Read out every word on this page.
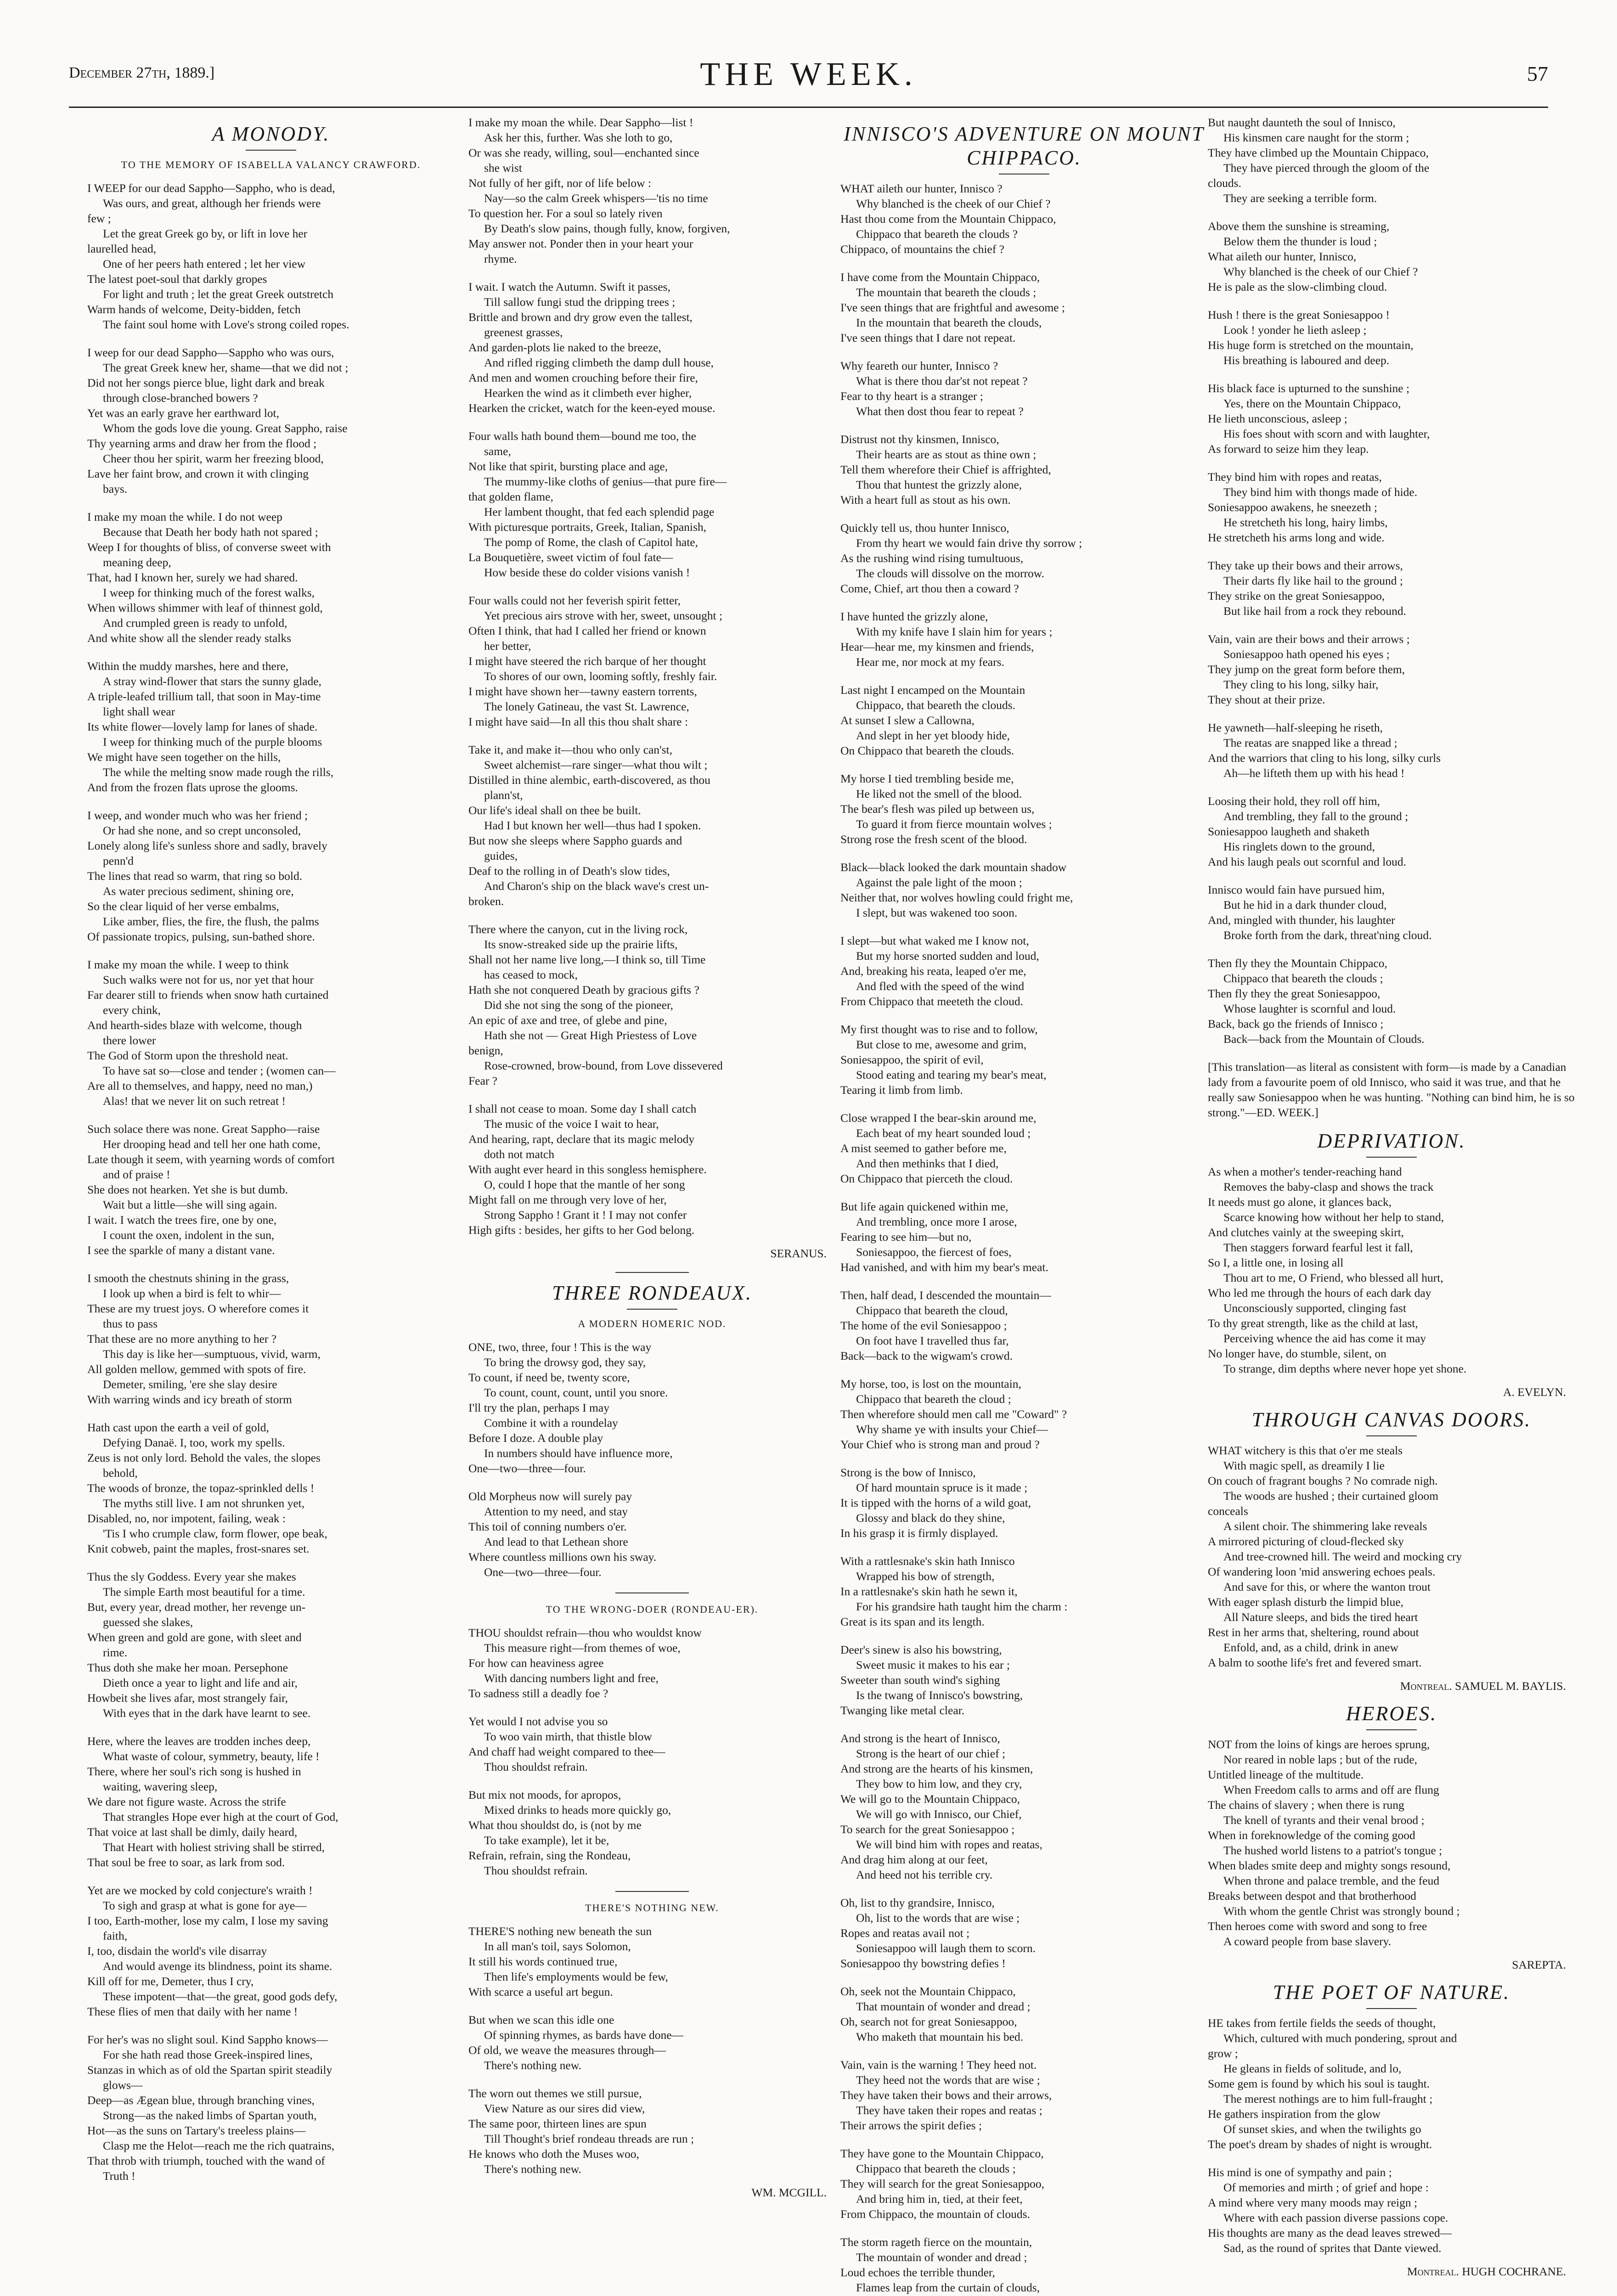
December 27th, 1889.]	THE WEEK.	57
A MONODY.
TO THE MEMORY OF ISABELLA VALANCY CRAWFORD.
I WEEP for our dead Sappho—Sappho, who is dead,
Was ours, and great, although her friends were
few ;
Let the great Greek go by, or lift in love her
laurelled head,
One of her peers hath entered ; let her view
The latest poet-soul that darkly gropes
For light and truth ; let the great Greek outstretch
Warm hands of welcome, Deity-bidden, fetch
The faint soul home with Love's strong coiled ropes.
I weep for our dead Sappho—Sappho who was ours,
The great Greek knew her, shame—that we did not ;
Did not her songs pierce blue, light dark and break
through close-branched bowers ?
Yet was an early grave her earthward lot,
Whom the gods love die young. Great Sappho, raise
Thy yearning arms and draw her from the flood ;
Cheer thou her spirit, warm her freezing blood,
Lave her faint brow, and crown it with clinging
bays.
I make my moan the while. I do not weep
Because that Death her body hath not spared ;
Weep I for thoughts of bliss, of converse sweet with
meaning deep,
That, had I known her, surely we had shared.
I weep for thinking much of the forest walks,
When willows shimmer with leaf of thinnest gold,
And crumpled green is ready to unfold,
And white show all the slender ready stalks
Within the muddy marshes, here and there,
A stray wind-flower that stars the sunny glade,
A triple-leafed trillium tall, that soon in May-time
light shall wear
Its white flower—lovely lamp for lanes of shade.
I weep for thinking much of the purple blooms
We might have seen together on the hills,
The while the melting snow made rough the rills,
And from the frozen flats uprose the glooms.
I weep, and wonder much who was her friend ;
Or had she none, and so crept unconsoled,
Lonely along life's sunless shore and sadly, bravely
penn'd
The lines that read so warm, that ring so bold.
As water precious sediment, shining ore,
So the clear liquid of her verse embalms,
Like amber, flies, the fire, the flush, the palms
Of passionate tropics, pulsing, sun-bathed shore.
I make my moan the while. I weep to think
Such walks were not for us, nor yet that hour
Far dearer still to friends when snow hath curtained
every chink,
And hearth-sides blaze with welcome, though
there lower
The God of Storm upon the threshold neat.
To have sat so—close and tender ; (women can—
Are all to themselves, and happy, need no man,)
Alas! that we never lit on such retreat !
Such solace there was none. Great Sappho—raise
Her drooping head and tell her one hath come,
Late though it seem, with yearning words of comfort
and of praise !
She does not hearken. Yet she is but dumb.
Wait but a little—she will sing again.
I wait. I watch the trees fire, one by one,
I count the oxen, indolent in the sun,
I see the sparkle of many a distant vane.
I smooth the chestnuts shining in the grass,
I look up when a bird is felt to whir—
These are my truest joys. O wherefore comes it
thus to pass
That these are no more anything to her ?
This day is like her—sumptuous, vivid, warm,
All golden mellow, gemmed with spots of fire.
Demeter, smiling, 'ere she slay desire
With warring winds and icy breath of storm
Hath cast upon the earth a veil of gold,
Defying Danaë. I, too, work my spells.
Zeus is not only lord. Behold the vales, the slopes
behold,
The woods of bronze, the topaz-sprinkled dells !
The myths still live. I am not shrunken yet,
Disabled, no, nor impotent, failing, weak :
'Tis I who crumple claw, form flower, ope beak,
Knit cobweb, paint the maples, frost-snares set.
Thus the sly Goddess. Every year she makes
The simple Earth most beautiful for a time.
But, every year, dread mother, her revenge un-
guessed she slakes,
When green and gold are gone, with sleet and
rime.
Thus doth she make her moan. Persephone
Dieth once a year to light and life and air,
Howbeit she lives afar, most strangely fair,
With eyes that in the dark have learnt to see.
Here, where the leaves are trodden inches deep,
What waste of colour, symmetry, beauty, life !
There, where her soul's rich song is hushed in
waiting, wavering sleep,
We dare not figure waste. Across the strife
That strangles Hope ever high at the court of God,
That voice at last shall be dimly, daily heard,
That Heart with holiest striving shall be stirred,
That soul be free to soar, as lark from sod.
Yet are we mocked by cold conjecture's wraith !
To sigh and grasp at what is gone for aye—
I too, Earth-mother, lose my calm, I lose my saving
faith,
I, too, disdain the world's vile disarray
And would avenge its blindness, point its shame.
Kill off for me, Demeter, thus I cry,
These impotent—that—the great, good gods defy,
These flies of men that daily with her name !
For her's was no slight soul. Kind Sappho knows—
For she hath read those Greek-inspired lines,
Stanzas in which as of old the Spartan spirit steadily
glows—
Deep—as Ægean blue, through branching vines,
Strong—as the naked limbs of Spartan youth,
Hot—as the suns on Tartary's treeless plains—
Clasp me the Helot—reach me the rich quatrains,
That throb with triumph, touched with the wand of
Truth !
I make my moan the while. Dear Sappho—list !
Ask her this, further. Was she loth to go,
Or was she ready, willing, soul—enchanted since
she wist
Not fully of her gift, nor of life below :
Nay—so the calm Greek whispers—'tis no time
To question her. For a soul so lately riven
By Death's slow pains, though fully, know, forgiven,
May answer not. Ponder then in your heart your
rhyme.
I wait. I watch the Autumn. Swift it passes,
Till sallow fungi stud the dripping trees ;
Brittle and brown and dry grow even the tallest,
greenest grasses,
And garden-plots lie naked to the breeze,
And rifled rigging climbeth the damp dull house,
And men and women crouching before their fire,
Hearken the wind as it climbeth ever higher,
Hearken the cricket, watch for the keen-eyed mouse.
Four walls hath bound them—bound me too, the
same,
Not like that spirit, bursting place and age,
The mummy-like cloths of genius—that pure fire—
that golden flame,
Her lambent thought, that fed each splendid page
With picturesque portraits, Greek, Italian, Spanish,
The pomp of Rome, the clash of Capitol hate,
La Bouquetière, sweet victim of foul fate—
How beside these do colder visions vanish !
Four walls could not her feverish spirit fetter,
Yet precious airs strove with her, sweet, unsought ;
Often I think, that had I called her friend or known
her better,
I might have steered the rich barque of her thought
To shores of our own, looming softly, freshly fair.
I might have shown her—tawny eastern torrents,
The lonely Gatineau, the vast St. Lawrence,
I might have said—In all this thou shalt share :
Take it, and make it—thou who only can'st,
Sweet alchemist—rare singer—what thou wilt ;
Distilled in thine alembic, earth-discovered, as thou
plann'st,
Our life's ideal shall on thee be built.
Had I but known her well—thus had I spoken.
But now she sleeps where Sappho guards and
guides,
Deaf to the rolling in of Death's slow tides,
And Charon's ship on the black wave's crest un-
broken.
There where the canyon, cut in the living rock,
Its snow-streaked side up the prairie lifts,
Shall not her name live long,—I think so, till Time
has ceased to mock,
Hath she not conquered Death by gracious gifts ?
Did she not sing the song of the pioneer,
An epic of axe and tree, of glebe and pine,
Hath she not — Great High Priestess of Love
benign,
Rose-crowned, brow-bound, from Love dissevered
Fear ?
I shall not cease to moan. Some day I shall catch
The music of the voice I wait to hear,
And hearing, rapt, declare that its magic melody
doth not match
With aught ever heard in this songless hemisphere.
O, could I hope that the mantle of her song
Might fall on me through very love of her,
Strong Sappho ! Grant it ! I may not confer
High gifts : besides, her gifts to her God belong.
SERANUS.
THREE RONDEAUX.
A MODERN HOMERIC NOD.
ONE, two, three, four ! This is the way
To bring the drowsy god, they say,
To count, if need be, twenty score,
To count, count, count, until you snore.
I'll try the plan, perhaps I may
Combine it with a roundelay
Before I doze. A double play
In numbers should have influence more,
One—two—three—four.
Old Morpheus now will surely pay
Attention to my need, and stay
This toil of conning numbers o'er.
And lead to that Lethean shore
Where countless millions own his sway.
One—two—three—four.
TO THE WRONG-DOER (RONDEAU-ER).
THOU shouldst refrain—thou who wouldst know
This measure right—from themes of woe,
For how can heaviness agree
With dancing numbers light and free,
To sadness still a deadly foe ?
Yet would I not advise you so
To woo vain mirth, that thistle blow
And chaff had weight compared to thee—
Thou shouldst refrain.
But mix not moods, for apropos,
Mixed drinks to heads more quickly go,
What thou shouldst do, is (not by me
To take example), let it be,
Refrain, refrain, sing the Rondeau,
Thou shouldst refrain.
THERE'S NOTHING NEW.
THERE'S nothing new beneath the sun
In all man's toil, says Solomon,
It still his words continued true,
Then life's employments would be few,
With scarce a useful art begun.
But when we scan this idle one
Of spinning rhymes, as bards have done—
Of old, we weave the measures through—
There's nothing new.
The worn out themes we still pursue,
View Nature as our sires did view,
The same poor, thirteen lines are spun
Till Thought's brief rondeau threads are run ;
He knows who doth the Muses woo,
There's nothing new.
WM. MCGILL.
INNISCO'S ADVENTURE ON MOUNT CHIPPACO.
WHAT aileth our hunter, Innisco ?
Why blanched is the cheek of our Chief ?
Hast thou come from the Mountain Chippaco,
Chippaco that beareth the clouds ?
Chippaco, of mountains the chief ?
I have come from the Mountain Chippaco,
The mountain that beareth the clouds ;
I've seen things that are frightful and awesome ;
In the mountain that beareth the clouds,
I've seen things that I dare not repeat.
Why feareth our hunter, Innisco ?
What is there thou dar'st not repeat ?
Fear to thy heart is a stranger ;
What then dost thou fear to repeat ?
Distrust not thy kinsmen, Innisco,
Their hearts are as stout as thine own ;
Tell them wherefore their Chief is affrighted,
Thou that huntest the grizzly alone,
With a heart full as stout as his own.
Quickly tell us, thou hunter Innisco,
From thy heart we would fain drive thy sorrow ;
As the rushing wind rising tumultuous,
The clouds will dissolve on the morrow.
Come, Chief, art thou then a coward ?
I have hunted the grizzly alone,
With my knife have I slain him for years ;
Hear—hear me, my kinsmen and friends,
Hear me, nor mock at my fears.
Last night I encamped on the Mountain
Chippaco, that beareth the clouds.
At sunset I slew a Callowna,
And slept in her yet bloody hide,
On Chippaco that beareth the clouds.
My horse I tied trembling beside me,
He liked not the smell of the blood.
The bear's flesh was piled up between us,
To guard it from fierce mountain wolves ;
Strong rose the fresh scent of the blood.
Black—black looked the dark mountain shadow
Against the pale light of the moon ;
Neither that, nor wolves howling could fright me,
I slept, but was wakened too soon.
I slept—but what waked me I know not,
But my horse snorted sudden and loud,
And, breaking his reata, leaped o'er me,
And fled with the speed of the wind
From Chippaco that meeteth the cloud.
My first thought was to rise and to follow,
But close to me, awesome and grim,
Soniesappoo, the spirit of evil,
Stood eating and tearing my bear's meat,
Tearing it limb from limb.
Close wrapped I the bear-skin around me,
Each beat of my heart sounded loud ;
A mist seemed to gather before me,
And then methinks that I died,
On Chippaco that pierceth the cloud.
But life again quickened within me,
And trembling, once more I arose,
Fearing to see him—but no,
Soniesappoo, the fiercest of foes,
Had vanished, and with him my bear's meat.
Then, half dead, I descended the mountain—
Chippaco that beareth the cloud,
The home of the evil Soniesappoo ;
On foot have I travelled thus far,
Back—back to the wigwam's crowd.
My horse, too, is lost on the mountain,
Chippaco that beareth the cloud ;
Then wherefore should men call me "Coward" ?
Why shame ye with insults your Chief—
Your Chief who is strong man and proud ?
Strong is the bow of Innisco,
Of hard mountain spruce is it made ;
It is tipped with the horns of a wild goat,
Glossy and black do they shine,
In his grasp it is firmly displayed.
With a rattlesnake's skin hath Innisco
Wrapped his bow of strength,
In a rattlesnake's skin hath he sewn it,
For his grandsire hath taught him the charm :
Great is its span and its length.
Deer's sinew is also his bowstring,
Sweet music it makes to his ear ;
Sweeter than south wind's sighing
Is the twang of Innisco's bowstring,
Twanging like metal clear.
And strong is the heart of Innisco,
Strong is the heart of our chief ;
And strong are the hearts of his kinsmen,
They bow to him low, and they cry,
We will go to the Mountain Chippaco,
We will go with Innisco, our Chief,
To search for the great Soniesappoo ;
We will bind him with ropes and reatas,
And drag him along at our feet,
And heed not his terrible cry.
Oh, list to thy grandsire, Innisco,
Oh, list to the words that are wise ;
Ropes and reatas avail not ;
Soniesappoo will laugh them to scorn.
Soniesappoo thy bowstring defies !
Oh, seek not the Mountain Chippaco,
That mountain of wonder and dread ;
Oh, search not for great Soniesappoo,
Who maketh that mountain his bed.
Vain, vain is the warning ! They heed not.
They heed not the words that are wise ;
They have taken their bows and their arrows,
They have taken their ropes and reatas ;
Their arrows the spirit defies ;
They have gone to the Mountain Chippaco,
Chippaco that beareth the clouds ;
They will search for the great Soniesappoo,
And bring him in, tied, at their feet,
From Chippaco, the mountain of clouds.
The storm rageth fierce on the mountain,
The mountain of wonder and dread ;
Loud echoes the terrible thunder,
Flames leap from the curtain of clouds,
But naught daunteth the soul of Innisco,
His kinsmen care naught for the storm ;
They have climbed up the Mountain Chippaco,
They have pierced through the gloom of the
clouds.
They are seeking a terrible form.
Above them the sunshine is streaming,
Below them the thunder is loud ;
What aileth our hunter, Innisco,
Why blanched is the cheek of our Chief ?
He is pale as the slow-climbing cloud.
Hush ! there is the great Soniesappoo !
Look ! yonder he lieth asleep ;
His huge form is stretched on the mountain,
His breathing is laboured and deep.
His black face is upturned to the sunshine ;
Yes, there on the Mountain Chippaco,
He lieth unconscious, asleep ;
His foes shout with scorn and with laughter,
As forward to seize him they leap.
They bind him with ropes and reatas,
They bind him with thongs made of hide.
Soniesappoo awakens, he sneezeth ;
He stretcheth his long, hairy limbs,
He stretcheth his arms long and wide.
They take up their bows and their arrows,
Their darts fly like hail to the ground ;
They strike on the great Soniesappoo,
But like hail from a rock they rebound.
Vain, vain are their bows and their arrows ;
Soniesappoo hath opened his eyes ;
They jump on the great form before them,
They cling to his long, silky hair,
They shout at their prize.
He yawneth—half-sleeping he riseth,
The reatas are snapped like a thread ;
And the warriors that cling to his long, silky curls
Ah—he lifteth them up with his head !
Loosing their hold, they roll off him,
And trembling, they fall to the ground ;
Soniesappoo laugheth and shaketh
His ringlets down to the ground,
And his laugh peals out scornful and loud.
Innisco would fain have pursued him,
But he hid in a dark thunder cloud,
And, mingled with thunder, his laughter
Broke forth from the dark, threat'ning cloud.
Then fly they the Mountain Chippaco,
Chippaco that beareth the clouds ;
Then fly they the great Soniesappoo,
Whose laughter is scornful and loud.
Back, back go the friends of Innisco ;
Back—back from the Mountain of Clouds.
[This translation—as literal as consistent with form—is made by a Canadian lady from a favourite poem of old Innisco, who said it was true, and that he really saw Soniesappoo when he was hunting. "Nothing can bind him, he is so strong."—ED. WEEK.]
DEPRIVATION.
As when a mother's tender-reaching hand
Removes the baby-clasp and shows the track
It needs must go alone, it glances back,
Scarce knowing how without her help to stand,
And clutches vainly at the sweeping skirt,
Then staggers forward fearful lest it fall,
So I, a little one, in losing all
Thou art to me, O Friend, who blessed all hurt,
Who led me through the hours of each dark day
Unconsciously supported, clinging fast
To thy great strength, like as the child at last,
Perceiving whence the aid has come it may
No longer have, do stumble, silent, on
To strange, dim depths where never hope yet shone.
A. EVELYN.
THROUGH CANVAS DOORS.
WHAT witchery is this that o'er me steals
With magic spell, as dreamily I lie
On couch of fragrant boughs ? No comrade nigh.
The woods are hushed ; their curtained gloom
conceals
A silent choir. The shimmering lake reveals
A mirrored picturing of cloud-flecked sky
And tree-crowned hill. The weird and mocking cry
Of wandering loon 'mid answering echoes peals.
And save for this, or where the wanton trout
With eager splash disturb the limpid blue,
All Nature sleeps, and bids the tired heart
Rest in her arms that, sheltering, round about
Enfold, and, as a child, drink in anew
A balm to soothe life's fret and fevered smart.
Montreal. SAMUEL M. BAYLIS.
HEROES.
NOT from the loins of kings are heroes sprung,
Nor reared in noble laps ; but of the rude,
Untitled lineage of the multitude.
When Freedom calls to arms and off are flung
The chains of slavery ; when there is rung
The knell of tyrants and their venal brood ;
When in foreknowledge of the coming good
The hushed world listens to a patriot's tongue ;
When blades smite deep and mighty songs resound,
When throne and palace tremble, and the feud
Breaks between despot and that brotherhood
With whom the gentle Christ was strongly bound ;
Then heroes come with sword and song to free
A coward people from base slavery.
SAREPTA.
THE POET OF NATURE.
HE takes from fertile fields the seeds of thought,
Which, cultured with much pondering, sprout and
grow ;
He gleans in fields of solitude, and lo,
Some gem is found by which his soul is taught.
The merest nothings are to him full-fraught ;
He gathers inspiration from the glow
Of sunset skies, and when the twilights go
The poet's dream by shades of night is wrought.
His mind is one of sympathy and pain ;
Of memories and mirth ; of grief and hope :
A mind where very many moods may reign ;
Where with each passion diverse passions cope.
His thoughts are many as the dead leaves strewed—
Sad, as the round of sprites that Dante viewed.
Montreal. HUGH COCHRANE.
